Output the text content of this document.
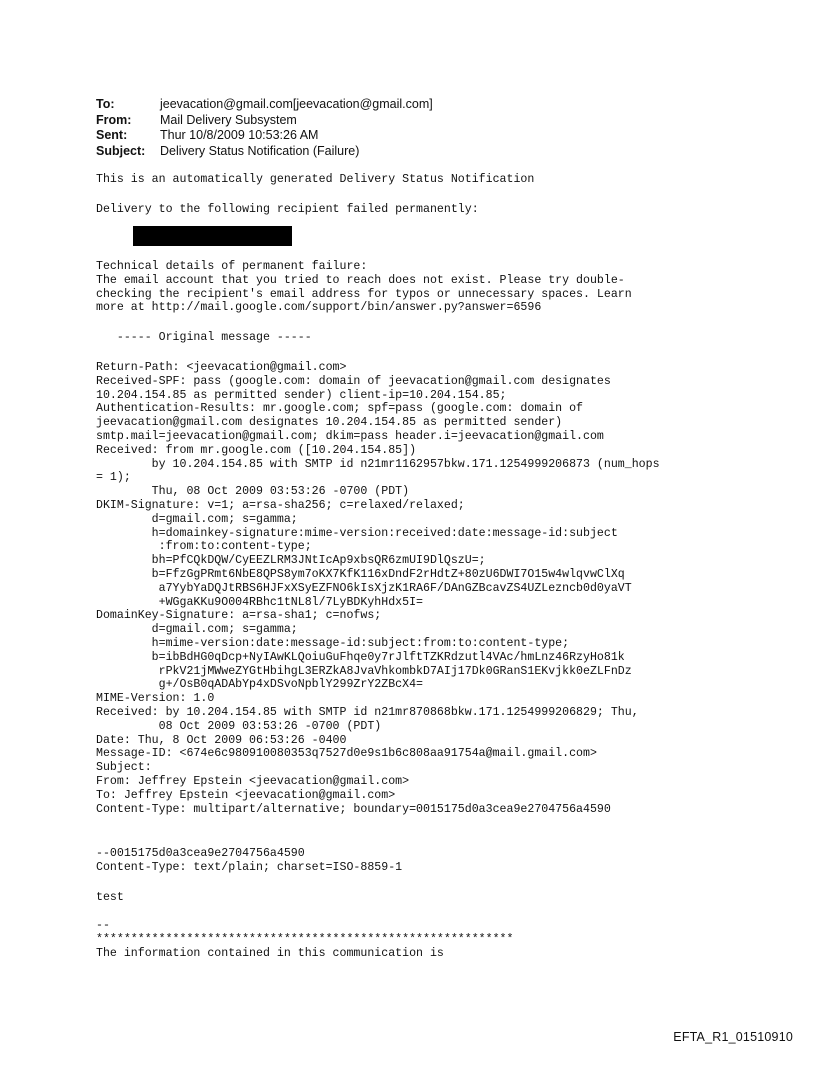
To:	jeevacation@gmail.com[jeevacation@gmail.com]
From:	Mail Delivery Subsystem
Sent:	Thur 10/8/2009 10:53:26 AM
Subject:	Delivery Status Notification (Failure)
This is an automatically generated Delivery Status Notification
Delivery to the following recipient failed permanently:
Technical details of permanent failure:
The email account that you tried to reach does not exist. Please try double-
checking the recipient's email address for typos or unnecessary spaces. Learn
more at http://mail.google.com/support/bin/answer.py?answer=6596
----- Original message -----
Return-Path: <jeevacation@gmail.com>
Received-SPF: pass (google.com: domain of jeevacation@gmail.com designates
10.204.154.85 as permitted sender) client-ip=10.204.154.85;
Authentication-Results: mr.google.com; spf=pass (google.com: domain of
jeevacation@gmail.com designates 10.204.154.85 as permitted sender)
smtp.mail=jeevacation@gmail.com; dkim=pass header.i=jeevacation@gmail.com
Received: from mr.google.com ([10.204.154.85])
by 10.204.154.85 with SMTP id n21mr1162957bkw.171.1254999206873 (num_hops
= 1);
Thu, 08 Oct 2009 03:53:26 -0700 (PDT)
DKIM-Signature: v=1; a=rsa-sha256; c=relaxed/relaxed;
d=gmail.com; s=gamma;
h=domainkey-signature:mime-version:received:date:message-id:subject
:from:to:content-type;
bh=PfCQkDQW/CyEEZLRM3JNtIcAp9xbsQR6zmUI9DlQszU=;
b=FfzGgPRmt6NbE8QPS8ym7oKX7KfK116xDndF2rHdtZ+80zU6DWI7O15w4wlqvwClXq
a7YybYaDQJtRBS6HJFxXSyEZFNO6kIsXjzK1RA6F/DAnGZBcavZS4UZLezncb0d0yaVT
+WGgaKKu9O004RBhc1tNL8l/7LyBDKyhHdx5I=
DomainKey-Signature: a=rsa-sha1; c=nofws;
d=gmail.com; s=gamma;
h=mime-version:date:message-id:subject:from:to:content-type;
b=ibBdHG0qDcp+NyIAwKLQoiuGuFhqe0y7rJlftTZKRdzutl4VAc/hmLnz46RzyHo81k
rPkV21jMWweZYGtHbihgL3ERZkA8JvaVhkombkD7AIj17Dk0GRanS1EKvjkk0eZLFnDz
g+/OsB0qADAbYp4xDSvoNpblY299ZrY2ZBcX4=
MIME-Version: 1.0
Received: by 10.204.154.85 with SMTP id n21mr870868bkw.171.1254999206829; Thu,
08 Oct 2009 03:53:26 -0700 (PDT)
Date: Thu, 8 Oct 2009 06:53:26 -0400
Message-ID: <674e6c980910080353q7527d0e9s1b6c808aa91754a@mail.gmail.com>
Subject:
From: Jeffrey Epstein <jeevacation@gmail.com>
To: Jeffrey Epstein <jeevacation@gmail.com>
Content-Type: multipart/alternative; boundary=0015175d0a3cea9e2704756a4590
--0015175d0a3cea9e2704756a4590
Content-Type: text/plain; charset=ISO-8859-1
test
--
************************************************************
The information contained in this communication is
EFTA_R1_01510910
